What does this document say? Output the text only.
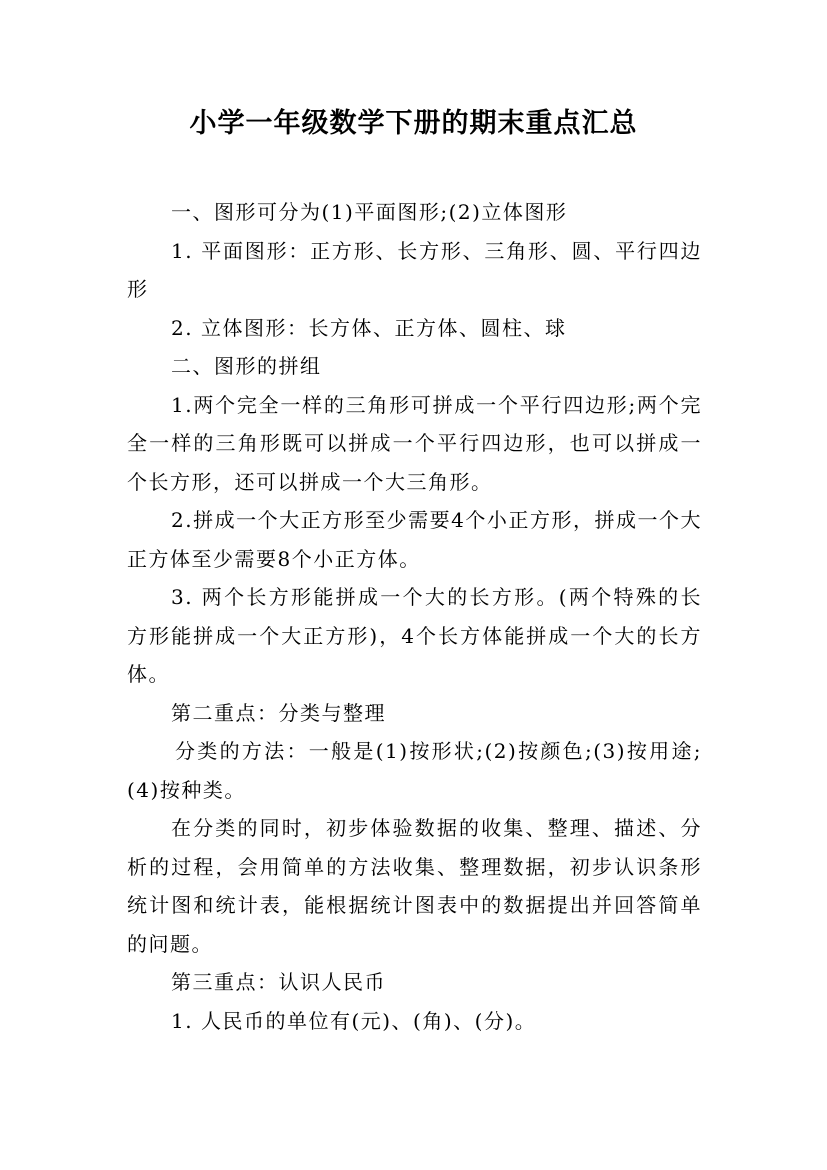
小学一年级数学下册的期末重点汇总

一、图形可分为(1)平面图形;(2)立体图形

1. 平面图形：正方形、长方形、三角形、圆、平行四边形

2. 立体图形：长方体、正方体、圆柱、球

二、图形的拼组

1.两个完全一样的三角形可拼成一个平行四边形;两个完全一样的三角形既可以拼成一个平行四边形，也可以拼成一个长方形，还可以拼成一个大三角形。

2.拼成一个大正方形至少需要4个小正方形，拼成一个大正方体至少需要8个小正方体。

3. 两个长方形能拼成一个大的长方形。(两个特殊的长方形能拼成一个大正方形)，4个长方体能拼成一个大的长方体。

第二重点：分类与整理

分类的方法：一般是(1)按形状;(2)按颜色;(3)按用途;(4)按种类。

在分类的同时，初步体验数据的收集、整理、描述、分析的过程，会用简单的方法收集、整理数据，初步认识条形统计图和统计表，能根据统计图表中的数据提出并回答简单的问题。

第三重点：认识人民币

1. 人民币的单位有(元)、(角)、(分)。
